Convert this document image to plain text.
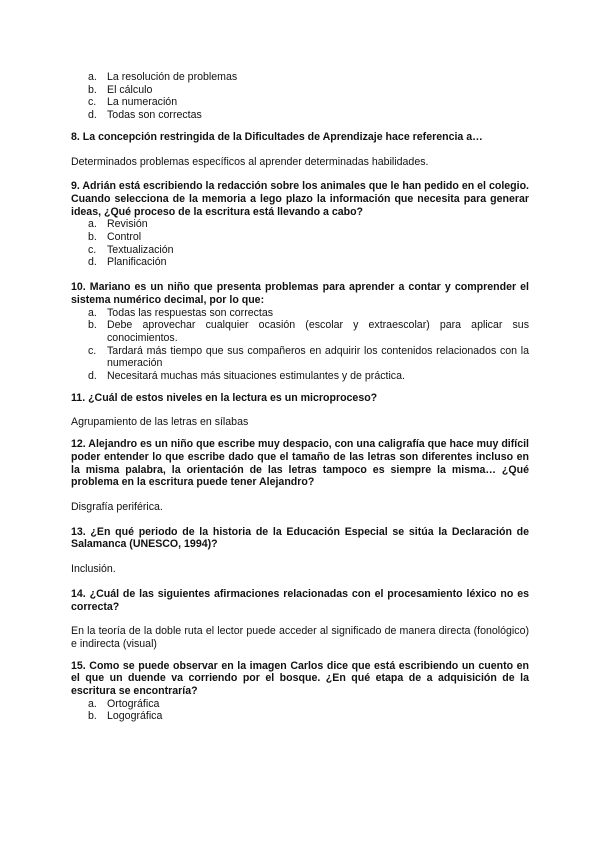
a. La resolución de problemas
b. El cálculo
c. La numeración
d. Todas son correctas

8. La concepción restringida de la Dificultades de Aprendizaje hace referencia a…

Determinados problemas específicos al aprender determinadas habilidades.

9. Adrián está escribiendo la redacción sobre los animales que le han pedido en el colegio. Cuando selecciona de la memoria a lego plazo la información que necesita para generar ideas, ¿Qué proceso de la escritura está llevando a cabo?

a. Revisión
b. Control
c. Textualización
d. Planificación

10. Mariano es un niño que presenta problemas para aprender a contar y comprender el sistema numérico decimal, por lo que:

a. Todas las respuestas son correctas
b. Debe aprovechar cualquier ocasión (escolar y extraescolar) para aplicar sus conocimientos.
c. Tardará más tiempo que sus compañeros en adquirir los contenidos relacionados con la numeración
d. Necesitará muchas más situaciones estimulantes y de práctica.

11. ¿Cuál de estos niveles en la lectura es un microproceso?

Agrupamiento de las letras en sílabas

12. Alejandro es un niño que escribe muy despacio, con una caligrafía que hace muy difícil poder entender lo que escribe dado que el tamaño de las letras son diferentes incluso en la misma palabra, la orientación de las letras tampoco es siempre la misma… ¿Qué problema en la escritura puede tener Alejandro?

Disgrafía periférica.

13. ¿En qué periodo de la historia de la Educación Especial se sitúa la Declaración de Salamanca (UNESCO, 1994)?

Inclusión.

14. ¿Cuál de las siguientes afirmaciones relacionadas con el procesamiento léxico no es correcta?

En la teoría de la doble ruta el lector puede acceder al significado de manera directa (fonológico) e indirecta (visual)

15. Como se puede observar en la imagen Carlos dice que está escribiendo un cuento en el que un duende va corriendo por el bosque. ¿En qué etapa de a adquisición de la escritura se encontraría?

a. Ortográfica
b. Logográfica
